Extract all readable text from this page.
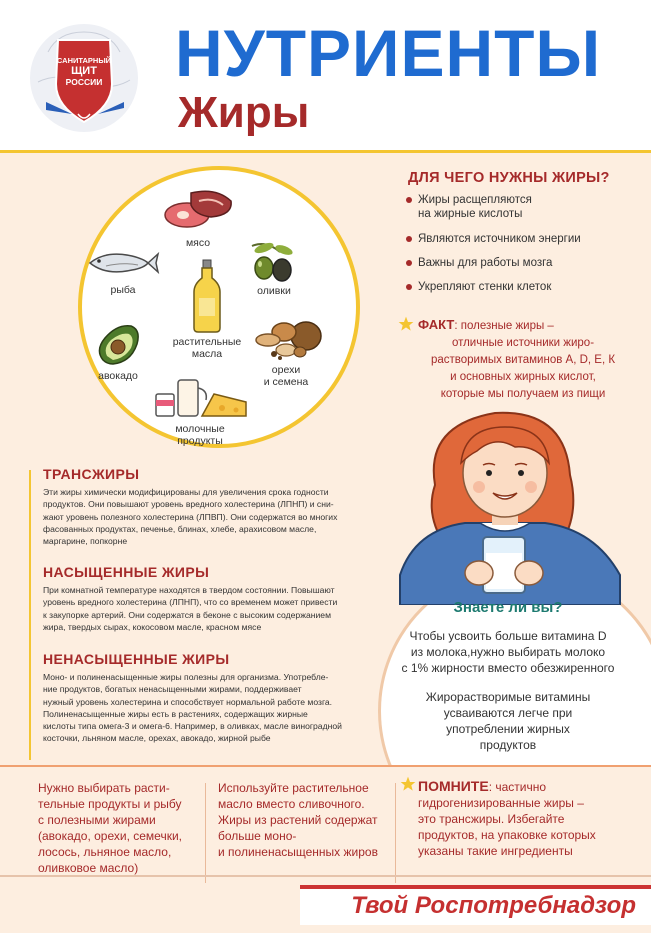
САНИТАРНЫЙ
ЩИТ
РОССИИ	НУТРИЕНТЫ
Жиры
мясо
рыба
растительные
масла
оливки
авокадо	орехи
и семена
молочные
продукты
ДЛЯ ЧЕГО НУЖНЫ ЖИРЫ?
Жиры расщепляются
на жирные кислоты
Являются источником энергии
Важны для работы мозга
Укрепляют стенки клеток
ФАКТ: полезные жиры –
отличные источники жиро-
растворимых витаминов А, D, Е, К
и основных жирных кислот,
которые мы получаем из пищи
Знаете ли вы?
Чтобы усвоить больше витамина D
из молока,нужно выбирать молоко
с 1% жирности вместо обезжиренного
Жирорастворимые витамины
усваиваются легче при
употреблении жирных
продуктов
ТРАНСЖИРЫ
Эти жиры химически модифицированы для увеличения срока годности
продуктов. Они повышают уровень вредного холестерина (ЛПНП) и сни-
жают уровень полезного холестерина (ЛПВП). Они содержатся во многих
фасованных продуктах, печенье, блинах, хлебе, арахисовом масле,
маргарине, попкорне
НАСЫЩЕННЫЕ ЖИРЫ
При комнатной температуре находятся в твердом состоянии. Повышают
уровень вредного холестерина (ЛПНП), что со временем может привести
к закупорке артерий. Они содержатся в беконе с высоким содержанием
жира, твердых сырах, кокосовом масле, красном мясе
НЕНАСЫЩЕННЫЕ ЖИРЫ
Моно- и полиненасыщенные жиры полезны для организма. Употребле-
ние продуктов, богатых ненасыщенными жирами, поддерживает
нужный уровень холестерина и способствует нормальной работе мозга.
Полиненасыщенные жиры есть в растениях, содержащих жирные
кислоты типа омега-3 и омега-6. Например, в оливках, масле виноградной
косточки, льняном масле, орехах, авокадо, жирной рыбе
Нужно выбирать расти-
тельные продукты и рыбу
с полезными жирами
(авокадо, орехи, семечки,
лосось, льняное масло,
оливковое масло)
Используйте растительное
масло вместо сливочного.
Жиры из растений содержат
больше моно-
и полиненасыщенных жиров
ПОМНИТЕ: частично
гидрогенизированные жиры –
это трансжиры. Избегайте
продуктов, на упаковке которых
указаны такие ингредиенты
Твой Роспотребнадзор
